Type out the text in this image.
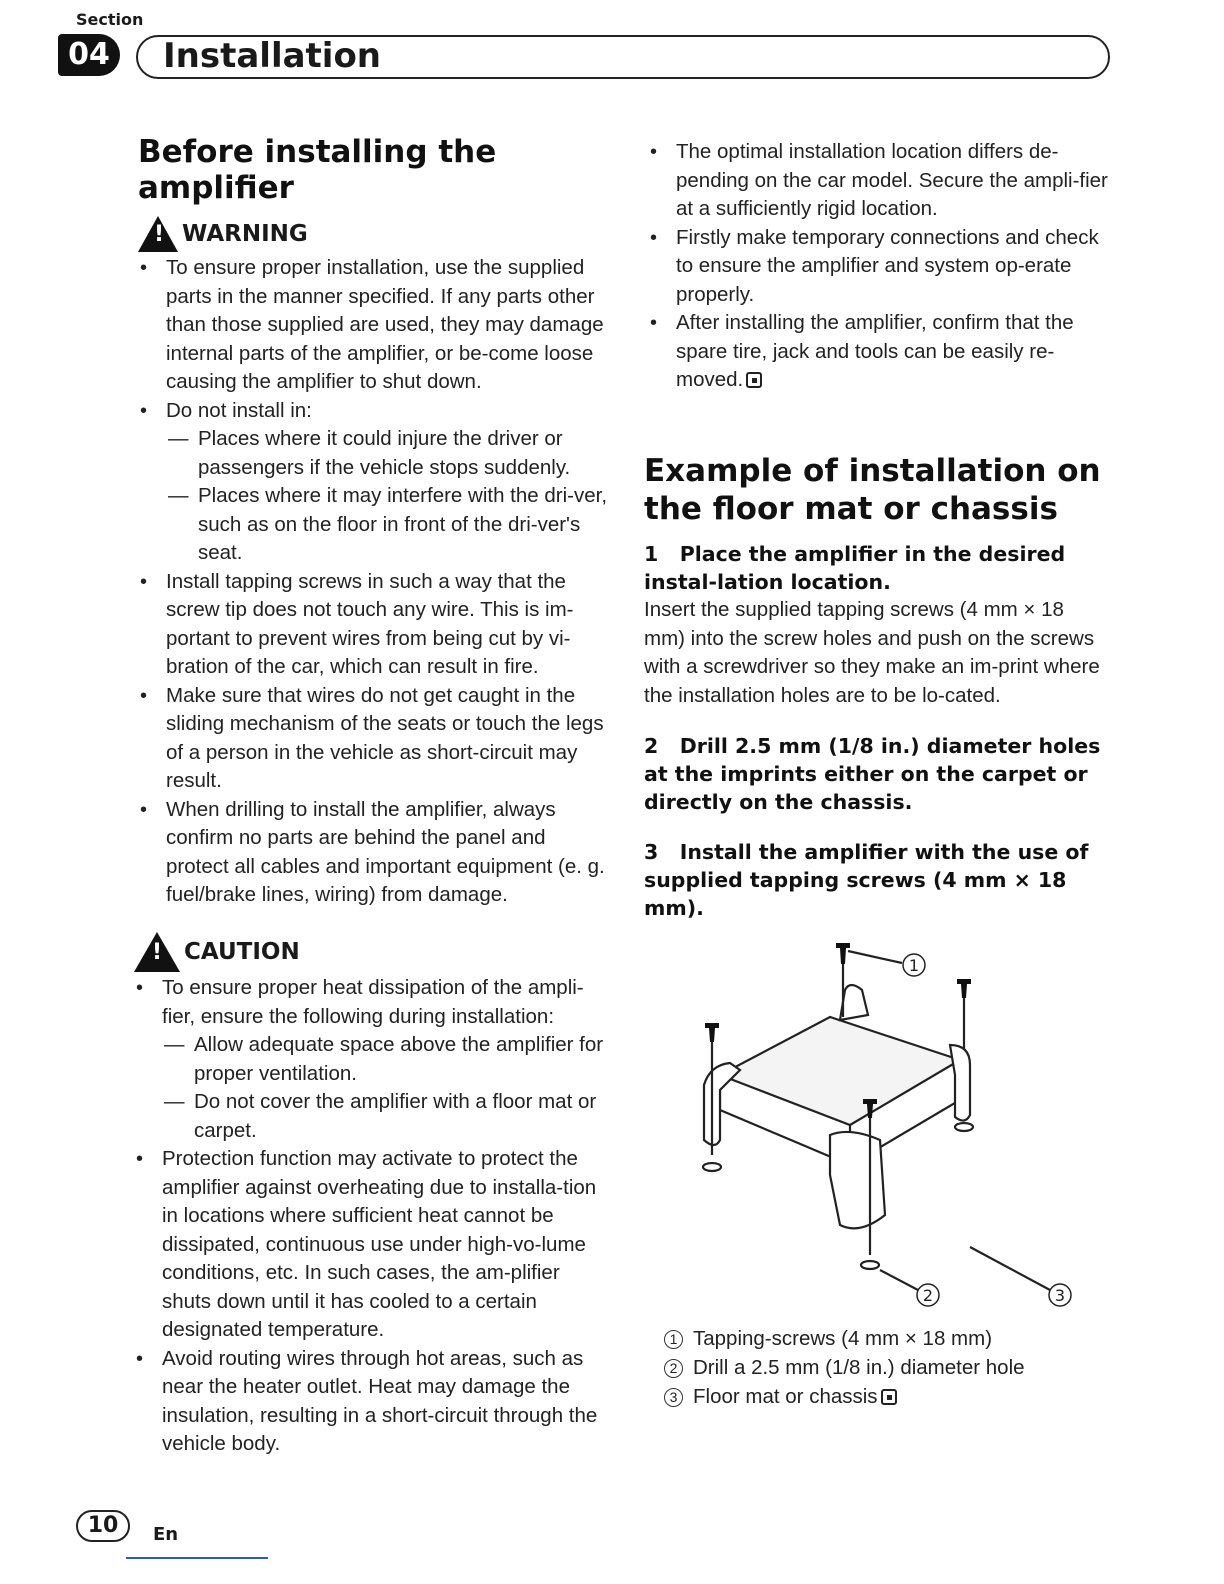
Section
04 Installation
Before installing the amplifier
! WARNING
• To ensure proper installation, use the supplied parts in the manner specified. If any parts other than those supplied are used, they may damage internal parts of the amplifier, or be-come loose causing the amplifier to shut down.
• Do not install in:
— Places where it could injure the driver or passengers if the vehicle stops suddenly.
— Places where it may interfere with the dri-ver, such as on the floor in front of the dri-ver's seat.
• Install tapping screws in such a way that the screw tip does not touch any wire. This is im-portant to prevent wires from being cut by vi-bration of the car, which can result in fire.
• Make sure that wires do not get caught in the sliding mechanism of the seats or touch the legs of a person in the vehicle as short-circuit may result.
• When drilling to install the amplifier, always confirm no parts are behind the panel and protect all cables and important equipment (e. g. fuel/brake lines, wiring) from damage.
! CAUTION
• To ensure proper heat dissipation of the ampli-fier, ensure the following during installation:
— Allow adequate space above the amplifier for proper ventilation.
— Do not cover the amplifier with a floor mat or carpet.
• Protection function may activate to protect the amplifier against overheating due to installa-tion in locations where sufficient heat cannot be dissipated, continuous use under high-vo-lume conditions, etc. In such cases, the am-plifier shuts down until it has cooled to a certain designated temperature.
• Avoid routing wires through hot areas, such as near the heater outlet. Heat may damage the insulation, resulting in a short-circuit through the vehicle body.
• The optimal installation location differs de-pending on the car model. Secure the ampli-fier at a sufficiently rigid location.
• Firstly make temporary connections and check to ensure the amplifier and system op-erate properly.
• After installing the amplifier, confirm that the spare tire, jack and tools can be easily re-moved.
Example of installation on
the floor mat or chassis
1 Place the amplifier in the desired instal-lation location.
Insert the supplied tapping screws (4 mm × 18 mm) into the screw holes and push on the screws with a screwdriver so they make an im-print where the installation holes are to be lo-cated.
2 Drill 2.5 mm (1/8 in.) diameter holes at the imprints either on the carpet or directly on the chassis.
3 Install the amplifier with the use of supplied tapping screws (4 mm × 18 mm).
1
2	3
1 Tapping-screws (4 mm × 18 mm)
2 Drill a 2.5 mm (1/8 in.) diameter hole
3 Floor mat or chassis
10	En
